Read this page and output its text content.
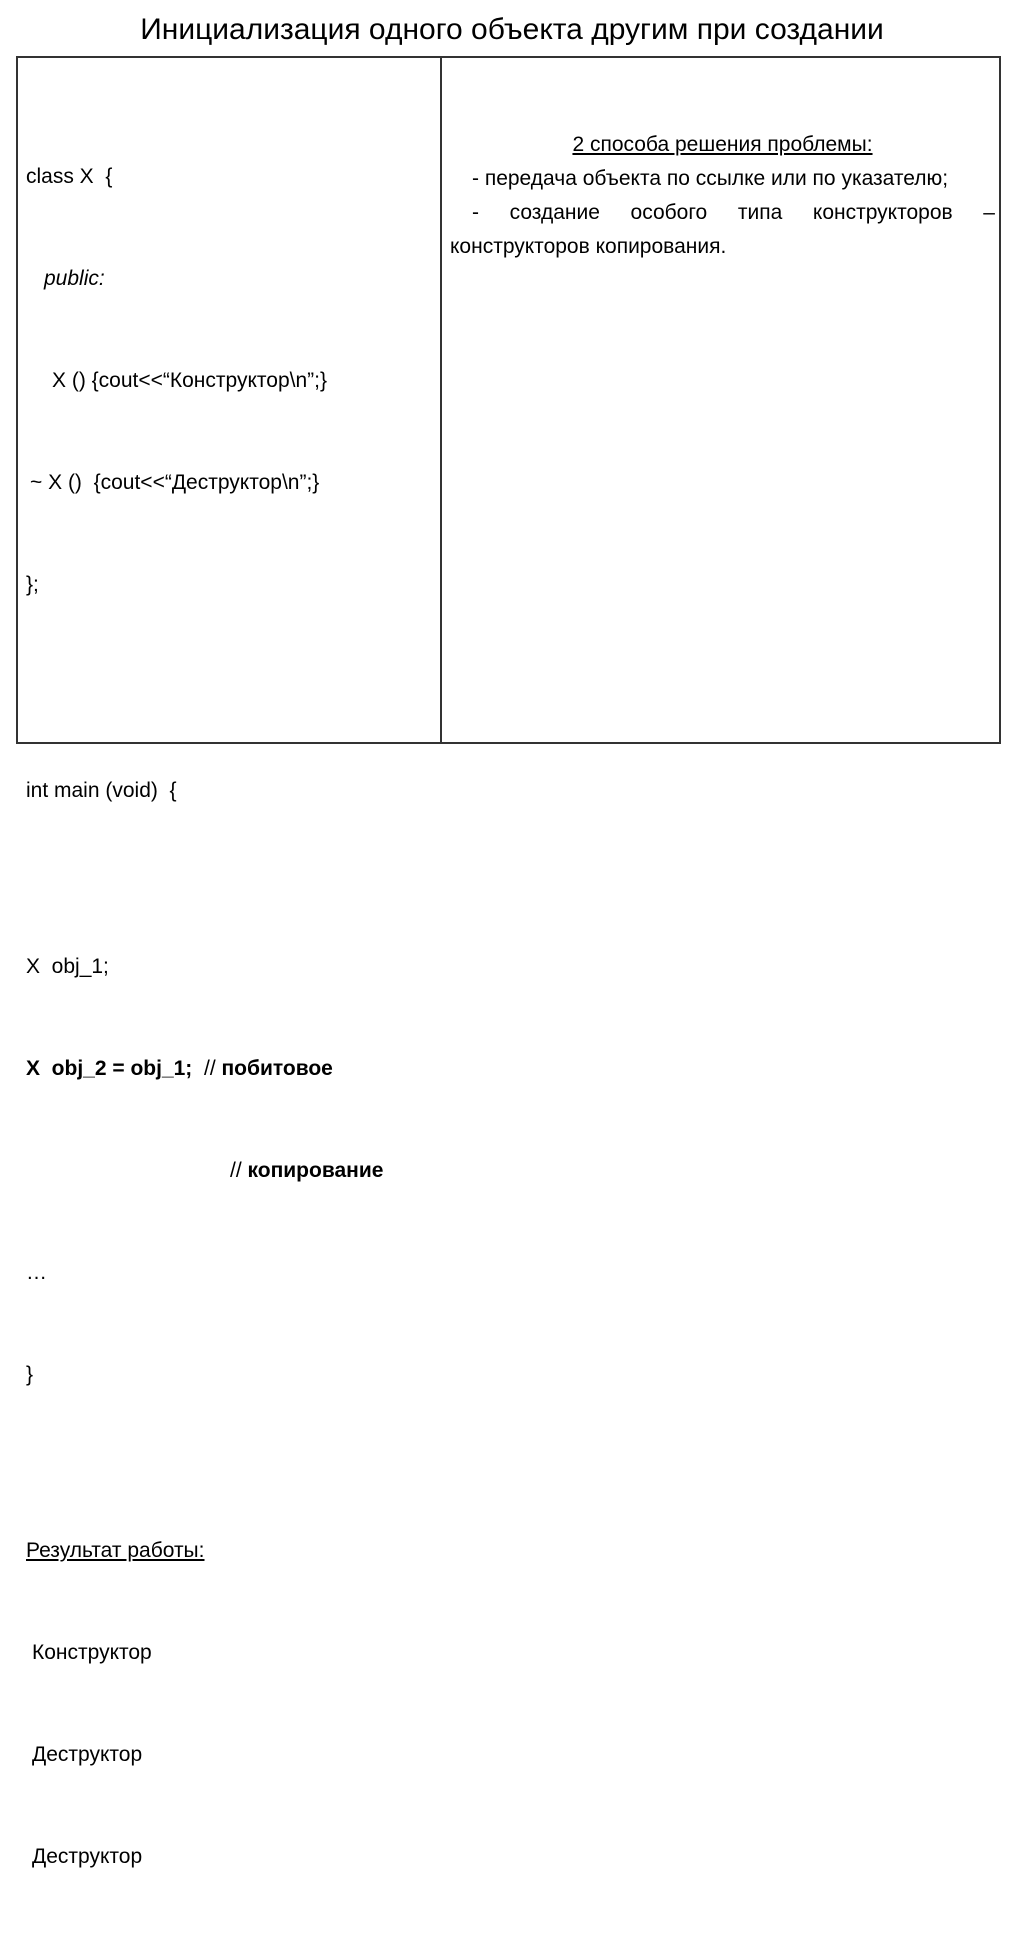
Инициализация одного объекта другим при создании

class X  {

public:

X () {cout<<“Конструктор\n”;}

~ X ()  {cout<<“Деструктор\n”;}

};

int main (void)  {

X  obj_1;

X  obj_2 = obj_1;  // побитовое

// копирование

…

}

Результат работы:

Конструктор

Деструктор

Деструктор

2 способа решения проблемы:
- передача объекта по ссылке или по указателю;
- создание особого типа конструкторов – конструкторов копирования.
